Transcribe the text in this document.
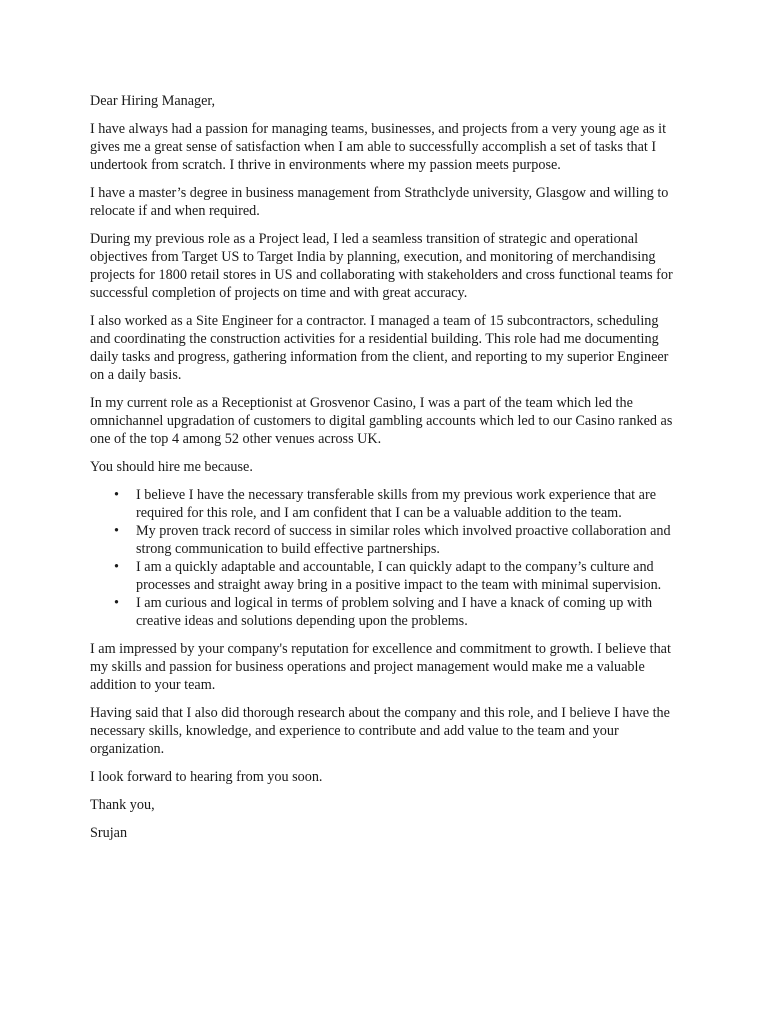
Dear Hiring Manager,

I have always had a passion for managing teams, businesses, and projects from a very young age as it gives me a great sense of satisfaction when I am able to successfully accomplish a set of tasks that I undertook from scratch. I thrive in environments where my passion meets purpose.

I have a master’s degree in business management from Strathclyde university, Glasgow and willing to relocate if and when required.

During my previous role as a Project lead, I led a seamless transition of strategic and operational objectives from Target US to Target India by planning, execution, and monitoring of merchandising projects for 1800 retail stores in US and collaborating with stakeholders and cross functional teams for successful completion of projects on time and with great accuracy.

I also worked as a Site Engineer for a contractor. I managed a team of 15 subcontractors, scheduling and coordinating the construction activities for a residential building. This role had me documenting daily tasks and progress, gathering information from the client, and reporting to my superior Engineer on a daily basis.

In my current role as a Receptionist at Grosvenor Casino, I was a part of the team which led the omnichannel upgradation of customers to digital gambling accounts which led to our Casino ranked as one of the top 4 among 52 other venues across UK.

You should hire me because.

• I believe I have the necessary transferable skills from my previous work experience that are required for this role, and I am confident that I can be a valuable addition to the team.
• My proven track record of success in similar roles which involved proactive collaboration and strong communication to build effective partnerships.
• I am a quickly adaptable and accountable, I can quickly adapt to the company’s culture and processes and straight away bring in a positive impact to the team with minimal supervision.
• I am curious and logical in terms of problem solving and I have a knack of coming up with creative ideas and solutions depending upon the problems.

I am impressed by your company's reputation for excellence and commitment to growth. I believe that my skills and passion for business operations and project management would make me a valuable addition to your team.

Having said that I also did thorough research about the company and this role, and I believe I have the necessary skills, knowledge, and experience to contribute and add value to the team and your organization.

I look forward to hearing from you soon.

Thank you,

Srujan
